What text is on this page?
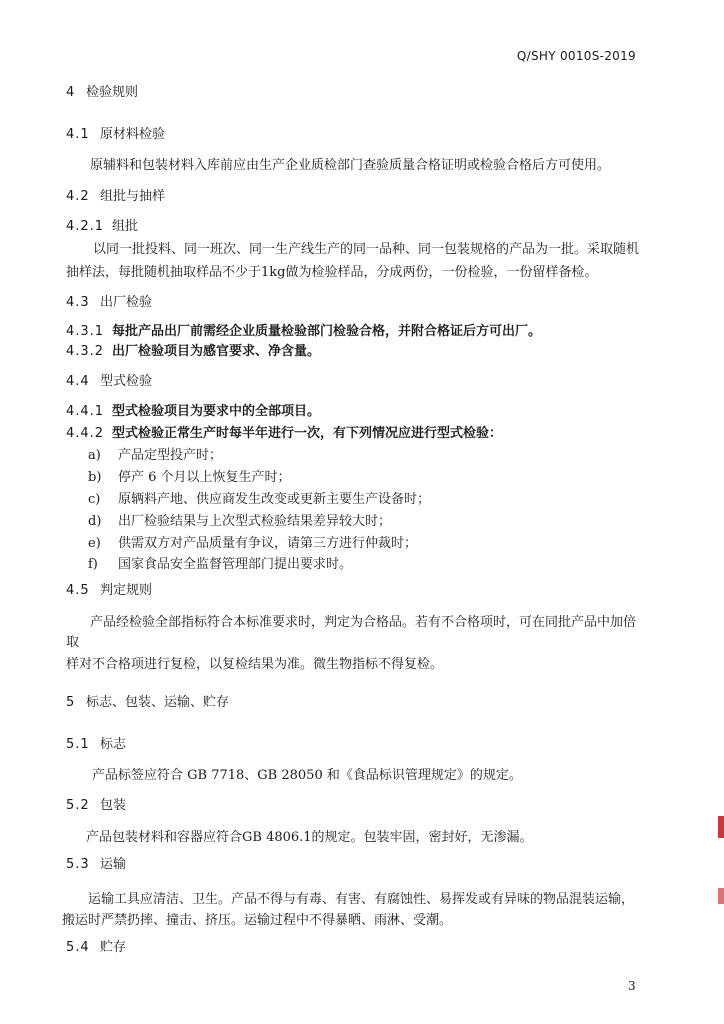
Q/SHY 0010S-2019
4 检验规则
4.1 原材料检验
原辅料和包装材料入库前应由生产企业质检部门查验质量合格证明或检验合格后方可使用。
4.2 组批与抽样
4.2.1 组批
以同一批投料、同一班次、同一生产线生产的同一品种、同一包装规格的产品为一批。采取随机
抽样法，每批随机抽取样品不少于1kg做为检验样品，分成两份，一份检验，一份留样备检。
4.3 出厂检验
4.3.1 每批产品出厂前需经企业质量检验部门检验合格，并附合格证后方可出厂。
4.3.2 出厂检验项目为感官要求、净含量。
4.4 型式检验
4.4.1 型式检验项目为要求中的全部项目。
4.4.2 型式检验正常生产时每半年进行一次，有下列情况应进行型式检验：
a) 产品定型投产时；
b) 停产 6 个月以上恢复生产时；
c) 原辆料产地、供应商发生改变或更新主要生产设备时；
d) 出厂检验结果与上次型式检验结果差异较大时；
e) 供需双方对产品质量有争议，请第三方进行仲裁时；
f) 国家食品安全监督管理部门提出要求时。
4.5 判定规则
产品经检验全部指标符合本标准要求时，判定为合格品。若有不合格项时，可在同批产品中加倍
取
样对不合格项进行复检，以复检结果为准。微生物指标不得复检。
5 标志、包装、运输、贮存
5.1 标志
产品标签应符合 GB 7718、GB 28050 和《食品标识管理规定》的规定。
5.2 包装
产品包装材料和容器应符合GB 4806.1的规定。包装牢固，密封好，无渗漏。
5.3 运输
运输工具应清洁、卫生。产品不得与有毒、有害、有腐蚀性、易挥发或有异味的物品混装运输，
搬运时严禁扔摔、撞击、挤压。运输过程中不得暴晒、雨淋、受潮。
5.4 贮存
3
